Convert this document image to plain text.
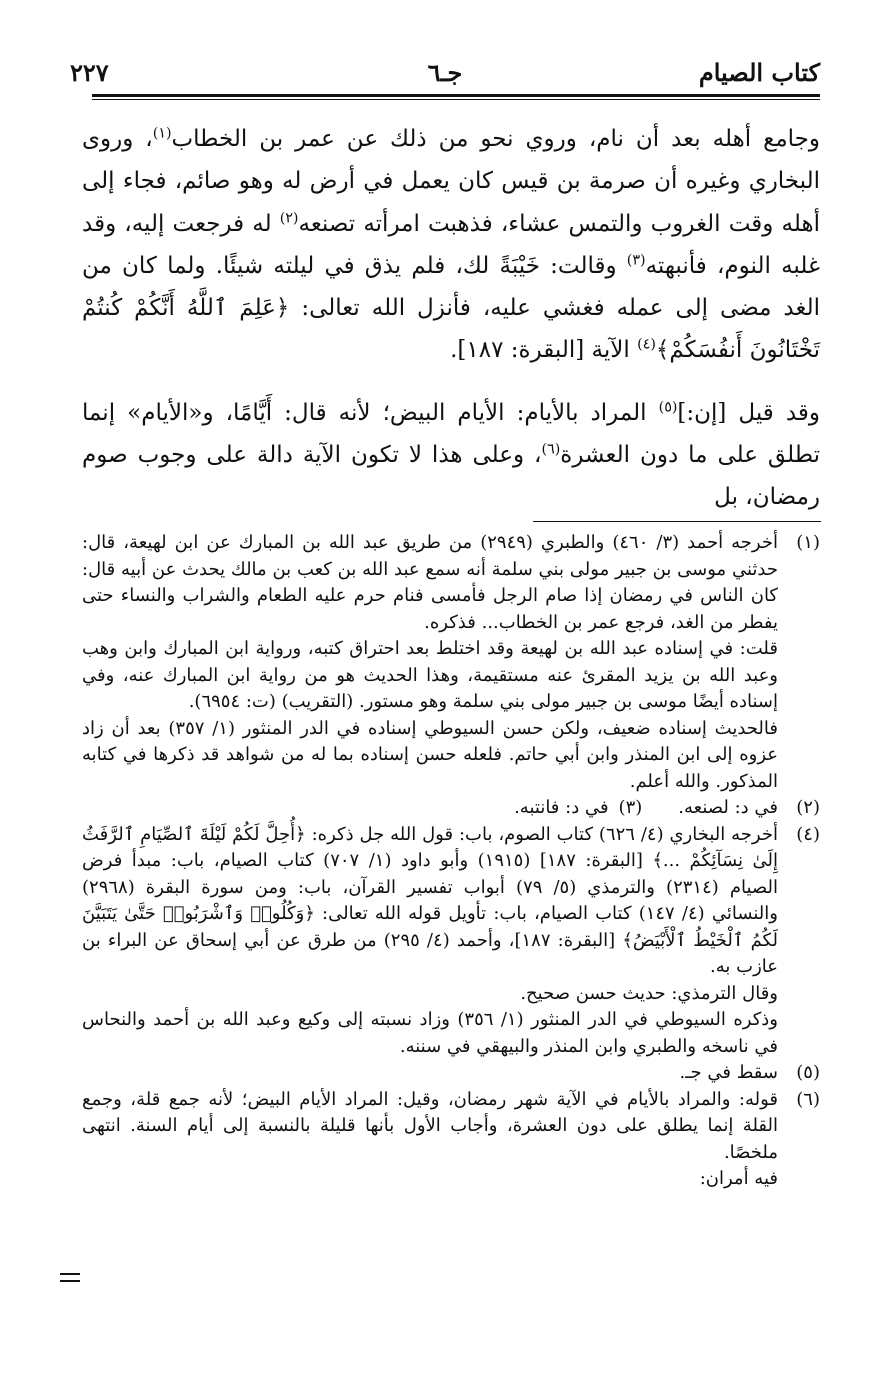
كتاب الصيام
جـ٦
٢٢٧

وجامع أهله بعد أن نام، وروي نحو من ذلك عن عمر بن الخطاب$^{(١)}$، وروى البخاري وغيره أن صرمة بن قيس كان يعمل في أرض له وهو صائم، فجاء إلى أهله وقت الغروب والتمس عشاء، فذهبت امرأته تصنعه$^{(٢)}$ له فرجعت إليه، وقد غلبه النوم، فأنبهته$^{(٣)}$ وقالت: خَيْبَةً لك، فلم يذق في ليلته شيئًا. ولما كان من الغد مضى إلى عمله فغشي عليه، فأنزل الله تعالى: ﴿عَلِمَ ٱللَّهُ أَنَّكُمْ كُنتُمْ تَخْتَانُونَ أَنفُسَكُمْ﴾$^{(٤)}$ الآية [البقرة: ١٨٧].

وقد قيل [إن:]$^{(٥)}$ المراد بالأيام: الأيام البيض؛ لأنه قال: أَيَّامًا، و«الأيام» إنما تطلق على ما دون العشرة$^{(٦)}$، وعلى هذا لا تكون الآية دالة على وجوب صوم رمضان، بل

(١)

أخرجه أحمد (٣/ ٤٦٠) والطبري (٢٩٤٩) من طريق عبد الله بن المبارك عن ابن لهيعة، قال: حدثني موسى بن جبير مولى بني سلمة أنه سمع عبد الله بن كعب بن مالك يحدث عن أبيه قال: كان الناس في رمضان إذا صام الرجل فأمسى فنام حرم عليه الطعام والشراب والنساء حتى يفطر من الغد، فرجع عمر بن الخطاب... فذكره.

قلت: في إسناده عبد الله بن لهيعة وقد اختلط بعد احتراق كتبه، ورواية ابن المبارك وابن وهب وعبد الله بن يزيد المقرئ عنه مستقيمة، وهذا الحديث هو من رواية ابن المبارك عنه، وفي إسناده أيضًا موسى بن جبير مولى بني سلمة وهو مستور. (التقريب) (ت: ٦٩٥٤).

فالحديث إسناده ضعيف، ولكن حسن السيوطي إسناده في الدر المنثور (١/ ٣٥٧) بعد أن زاد عزوه إلى ابن المنذر وابن أبي حاتم. فلعله حسن إسناده بما له من شواهد قد ذكرها في كتابه المذكور. والله أعلم.

(٢)
في د: لصنعه.
(٣)
في د: فانتبه.
(٤)

أخرجه البخاري (٤/ ٦٢٦) كتاب الصوم، باب: قول الله جل ذكره: ﴿أُحِلَّ لَكُمْ لَيْلَةَ ٱلصِّيَامِ ٱلرَّفَثُ إِلَىٰ نِسَآئِكُمْ ...﴾ [البقرة: ١٨٧] (١٩١٥) وأبو داود (١/ ٧٠٧) كتاب الصيام، باب: مبدأ فرض الصيام (٢٣١٤) والترمذي (٥/ ٧٩) أبواب تفسير القرآن، باب: ومن سورة البقرة (٢٩٦٨) والنسائي (٤/ ١٤٧) كتاب الصيام، باب: تأويل قوله الله تعالى: ﴿وَكُلُوا۟ وَٱشْرَبُوا۟ حَتَّىٰ يَتَبَيَّنَ لَكُمُ ٱلْخَيْطُ ٱلْأَبْيَضُ﴾ [البقرة: ١٨٧]، وأحمد (٤/ ٢٩٥) من طرق عن أبي إسحاق عن البراء بن عازب به.

وقال الترمذي: حديث حسن صحيح.

وذكره السيوطي في الدر المنثور (١/ ٣٥٦) وزاد نسبته إلى وكيع وعبد الله بن أحمد والنحاس في ناسخه والطبري وابن المنذر والبيهقي في سننه.

(٥)
سقط في جـ.
(٦)

قوله: والمراد بالأيام في الآية شهر رمضان، وقيل: المراد الأيام البيض؛ لأنه جمع قلة، وجمع القلة إنما يطلق على دون العشرة، وأجاب الأول بأنها قليلة بالنسبة إلى أيام السنة. انتهى ملخصًا.

فيه أمران:
